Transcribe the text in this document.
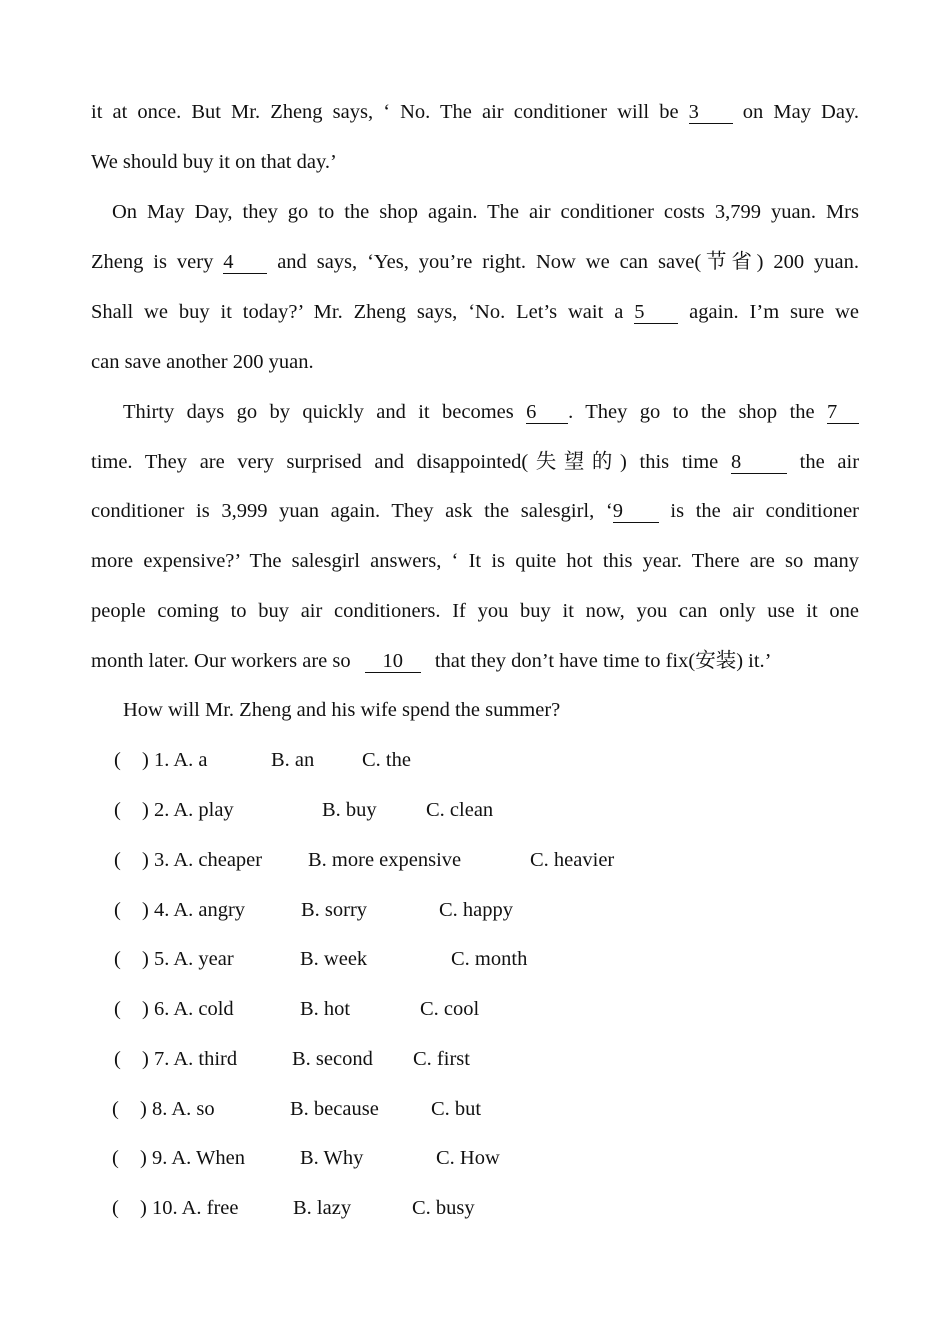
it at once. But Mr. Zheng says, ‘ No. The air conditioner will be 3 on May Day.
We should buy it on that day.’
On May Day, they go to the shop again. The air conditioner costs 3,799 yuan. Mrs
Zheng is very 4 and says, ‘Yes, you’re right. Now we can save(节省) 200 yuan.
Shall we buy it today?’ Mr. Zheng says, ‘No. Let’s wait a 5 again. I’m sure we
can save another 200 yuan.
Thirty days go by quickly and it becomes 6 . They go to the shop the 7
time. They are very surprised and disappointed(失望的) this time 8	the air
conditioner is 3,999 yuan again. They ask the salesgirl, ‘9 is the air conditioner
more expensive?’ The salesgirl answers, ‘ It is quite hot this year. There are so many
people coming to buy air conditioners. If you buy it now, you can only use it one
month later. Our workers are so 10 that they don’t have time to fix(安装) it.’
How will Mr. Zheng and his wife spend the summer?
( ) 1. A. a	B. an C. the
( ) 2. A. play	B. buy C. clean
( ) 3. A. cheaper B. more expensive	C. heavier
( ) 4. A. angry	B. sorry	C. happy
( ) 5. A. year	B. week	C. month
( ) 6. A. cold	B. hot	C. cool
( ) 7. A. third	B. second C. first
( ) 8. A. so	B. because	C. but
( ) 9. A. When	B. Why	C. How
( ) 10. A. free	B. lazy	C. busy
